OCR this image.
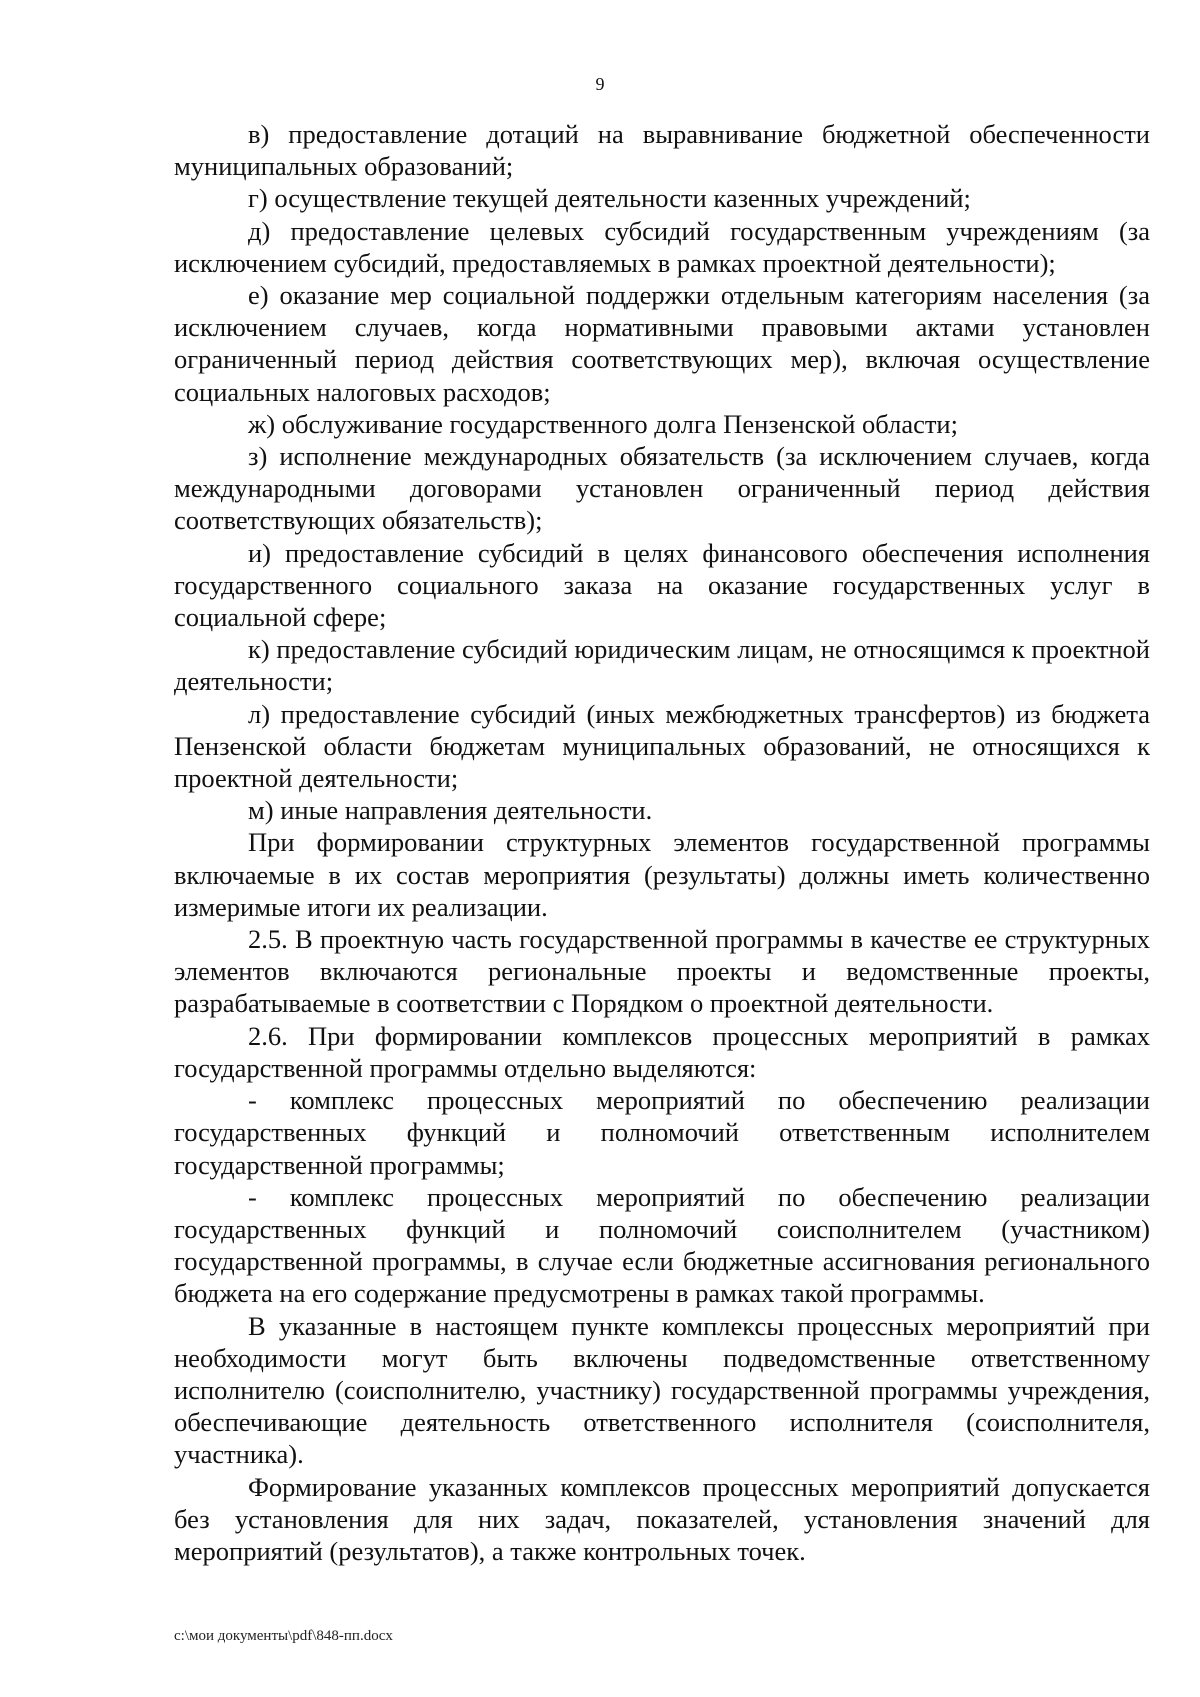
9

в) предоставление дотаций на выравнивание бюджетной обеспеченности муниципальных образований;

г) осуществление текущей деятельности казенных учреждений;

д) предоставление целевых субсидий государственным учреждениям (за исключением субсидий, предоставляемых в рамках проектной деятельности);

е) оказание мер социальной поддержки отдельным категориям населения (за исключением случаев, когда нормативными правовыми актами установлен ограниченный период действия соответствующих мер), включая осуществление социальных налоговых расходов;

ж) обслуживание государственного долга Пензенской области;

з) исполнение международных обязательств (за исключением случаев, когда международными договорами установлен ограниченный период действия соответствующих обязательств);

и) предоставление субсидий в целях финансового обеспечения исполнения государственного социального заказа на оказание государственных услуг в социальной сфере;

к) предоставление субсидий юридическим лицам, не относящимся к проектной деятельности;

л) предоставление субсидий (иных межбюджетных трансфертов) из бюджета Пензенской области бюджетам муниципальных образований, не относящихся к проектной деятельности;

м) иные направления деятельности.

При формировании структурных элементов государственной программы включаемые в их состав мероприятия (результаты) должны иметь количественно измеримые итоги их реализации.

2.5. В проектную часть государственной программы в качестве ее структурных элементов включаются региональные проекты и ведомственные проекты, разрабатываемые в соответствии с Порядком о проектной деятельности.

2.6. При формировании комплексов процессных мероприятий в рамках государственной программы отдельно выделяются:

- комплекс процессных мероприятий по обеспечению реализации государственных функций и полномочий ответственным исполнителем государственной программы;

- комплекс процессных мероприятий по обеспечению реализации государственных функций и полномочий соисполнителем (участником) государственной программы, в случае если бюджетные ассигнования регионального бюджета на его содержание предусмотрены в рамках такой программы.

В указанные в настоящем пункте комплексы процессных мероприятий при необходимости могут быть включены подведомственные ответственному исполнителю (соисполнителю, участнику) государственной программы учреждения, обеспечивающие деятельность ответственного исполнителя (соисполнителя, участника).

Формирование указанных комплексов процессных мероприятий допускается без установления для них задач, показателей, установления значений для мероприятий (результатов), а также контрольных точек.

c:\мои документы\pdf\848-пп.docx
